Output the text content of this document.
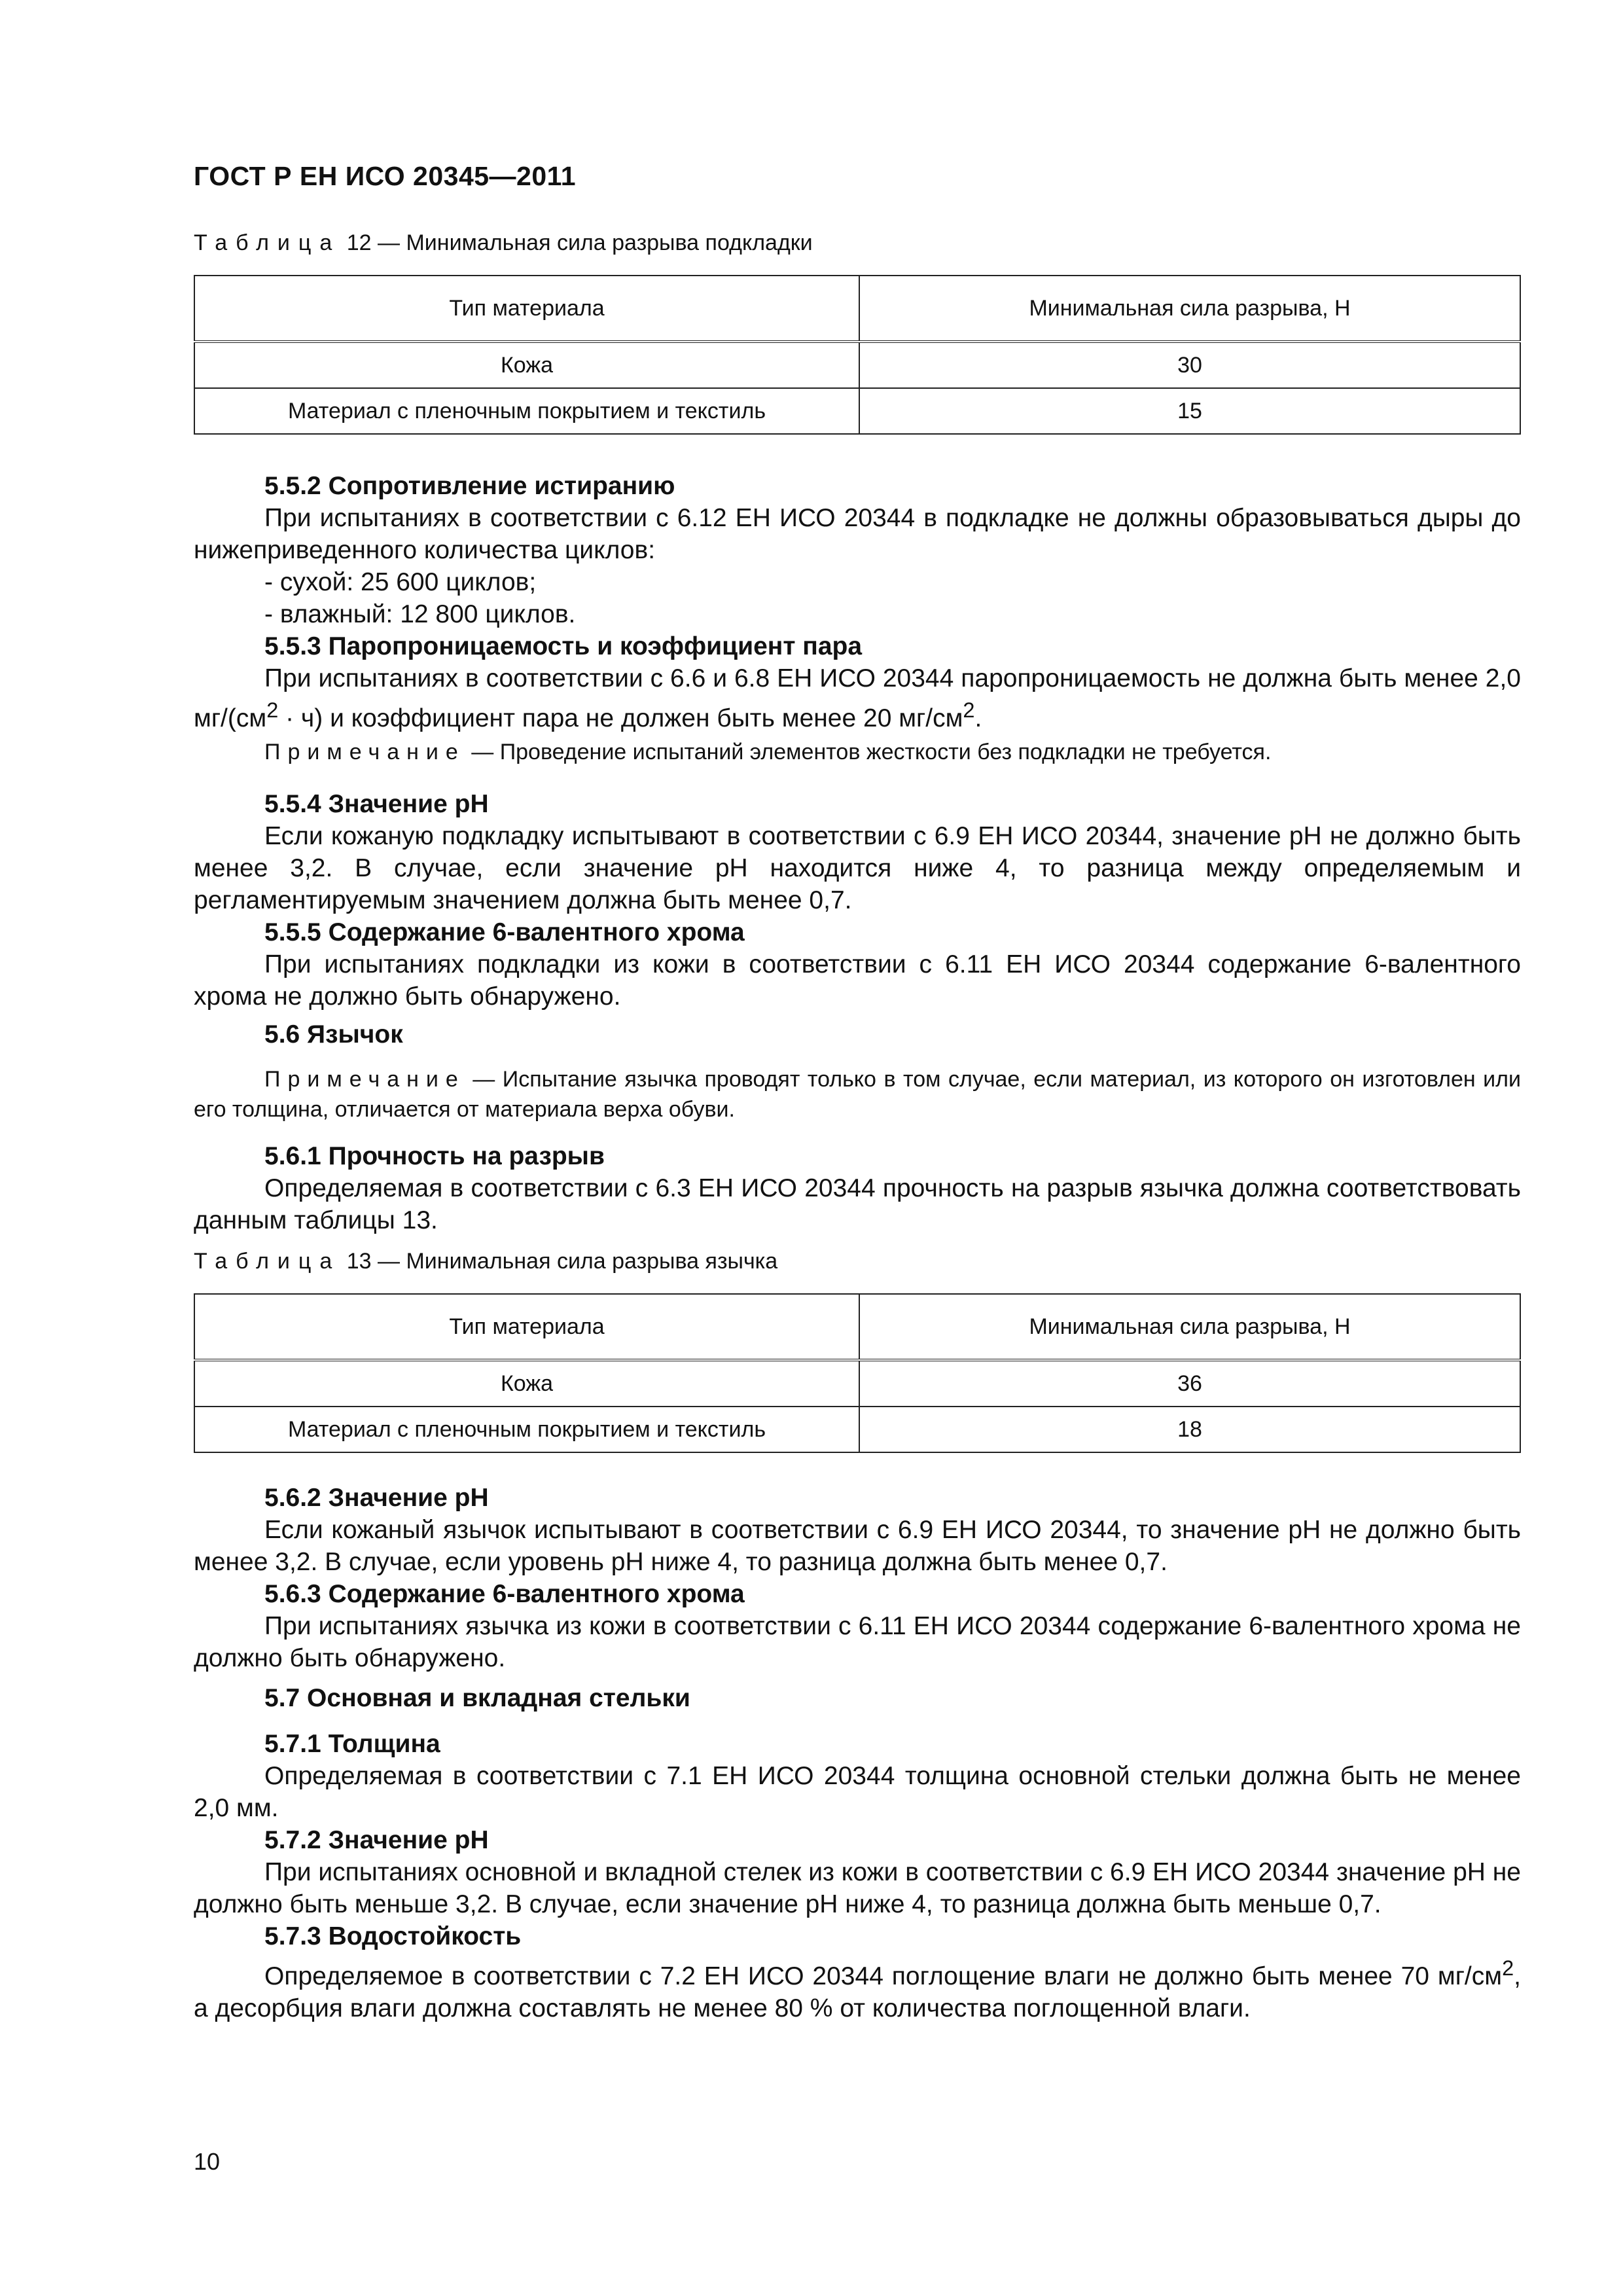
ГОСТ Р ЕН ИСО 20345—2011
Таблица 12 — Минимальная сила разрыва подкладки
Тип материала	Минимальная сила разрыва, Н
Кожа	30
Материал с пленочным покрытием и текстиль	15

5.5.2 Сопротивление истиранию

При испытаниях в соответствии с 6.12 ЕН ИСО 20344 в подкладке не должны образовываться дыры до нижеприведенного количества циклов:

- сухой: 25 600 циклов;

- влажный: 12 800 циклов.

5.5.3 Паропроницаемость и коэффициент пара

При испытаниях в соответствии с 6.6 и 6.8 ЕН ИСО 20344 паропроницаемость не должна быть менее 2,0 $мг/(см^2 \cdot ч)$ и коэффициент пара не должен быть менее 20 $мг/см^2$.

Примечание — Проведение испытаний элементов жесткости без подкладки не требуется.

5.5.4 Значение pH

Если кожаную подкладку испытывают в соответствии с 6.9 ЕН ИСО 20344, значение pH не должно быть менее 3,2. В случае, если значение pH находится ниже 4, то разница между определяемым и регламентируемым значением должна быть менее 0,7.

5.5.5 Содержание 6-валентного хрома

При испытаниях подкладки из кожи в соответствии с 6.11 ЕН ИСО 20344 содержание 6-валентного хрома не должно быть обнаружено.

5.6 Язычок

Примечание — Испытание язычка проводят только в том случае, если материал, из которого он изготовлен или его толщина, отличается от материала верха обуви.

5.6.1 Прочность на разрыв

Определяемая в соответствии с 6.3 ЕН ИСО 20344 прочность на разрыв язычка должна соответствовать данным таблицы 13.

Таблица 13 — Минимальная сила разрыва язычка
Тип материала	Минимальная сила разрыва, Н
Кожа	36
Материал с пленочным покрытием и текстиль	18

5.6.2 Значение pH

Если кожаный язычок испытывают в соответствии с 6.9 ЕН ИСО 20344, то значение pH не должно быть менее 3,2. В случае, если уровень pH ниже 4, то разница должна быть менее 0,7.

5.6.3 Содержание 6-валентного хрома

При испытаниях язычка из кожи в соответствии с 6.11 ЕН ИСО 20344 содержание 6-валентного хрома не должно быть обнаружено.

5.7 Основная и вкладная стельки

5.7.1 Толщина

Определяемая в соответствии с 7.1 ЕН ИСО 20344 толщина основной стельки должна быть не менее 2,0 мм.

5.7.2 Значение pH

При испытаниях основной и вкладной стелек из кожи в соответствии с 6.9 ЕН ИСО 20344 значение pH не должно быть меньше 3,2. В случае, если значение pH ниже 4, то разница должна быть меньше 0,7.

5.7.3 Водостойкость

Определяемое в соответствии с 7.2 ЕН ИСО 20344 поглощение влаги не должно быть менее 70 $мг/см^2$, а десорбция влаги должна составлять не менее 80 % от количества поглощенной влаги.

10
